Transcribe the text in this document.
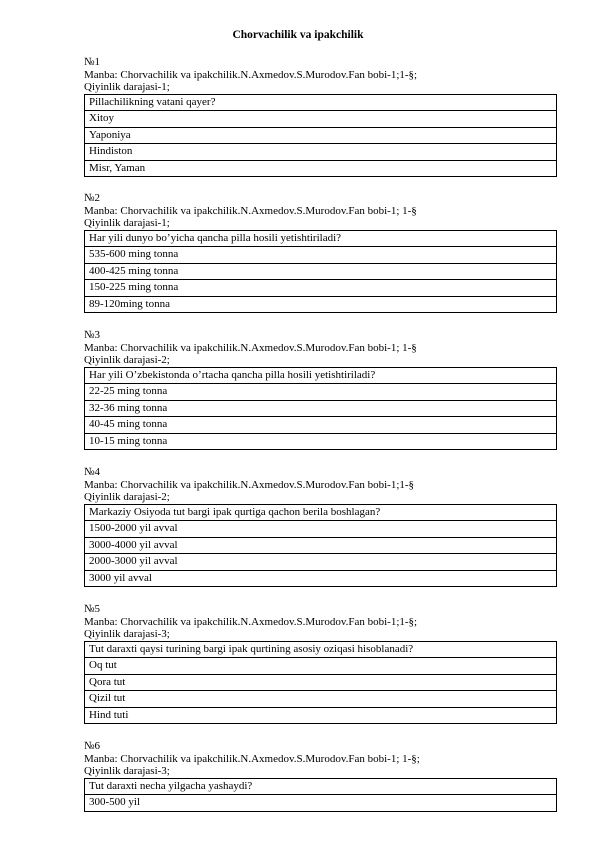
Chorvachilik va ipakchilik
№1
Manba: Chorvachilik va ipakchilik.N.Axmedov.S.Murodov.Fan bobi-1;1-§;
Qiyinlik darajasi-1;
Pillachilikning vatani qayer?
Xitoy
Yaponiya
Hindiston
Misr, Yaman
№2
Manba: Chorvachilik va ipakchilik.N.Axmedov.S.Murodov.Fan bobi-1; 1-§
Qiyinlik darajasi-1;
Har yili dunyo bo’yicha qancha pilla hosili yetishtiriladi?
535-600 ming tonna
400-425 ming tonna
150-225 ming tonna
89-120ming tonna
№3
Manba: Chorvachilik va ipakchilik.N.Axmedov.S.Murodov.Fan bobi-1; 1-§
Qiyinlik darajasi-2;
Har yili O’zbekistonda o’rtacha qancha pilla hosili yetishtiriladi?
22-25 ming tonna
32-36 ming tonna
40-45 ming tonna
10-15 ming tonna
№4
Manba: Chorvachilik va ipakchilik.N.Axmedov.S.Murodov.Fan bobi-1;1-§
Qiyinlik darajasi-2;
Markaziy Osiyoda tut bargi ipak qurtiga qachon berila boshlagan?
1500-2000 yil avval
3000-4000 yil avval
2000-3000 yil avval
3000 yil avval
№5
Manba: Chorvachilik va ipakchilik.N.Axmedov.S.Murodov.Fan bobi-1;1-§;
Qiyinlik darajasi-3;
Tut daraxti qaysi turining bargi ipak qurtining asosiy oziqasi hisoblanadi?
Oq tut
Qora tut
Qizil tut
Hind tuti
№6
Manba: Chorvachilik va ipakchilik.N.Axmedov.S.Murodov.Fan bobi-1; 1-§;
Qiyinlik darajasi-3;
Tut daraxti necha yilgacha yashaydi?
300-500 yil
